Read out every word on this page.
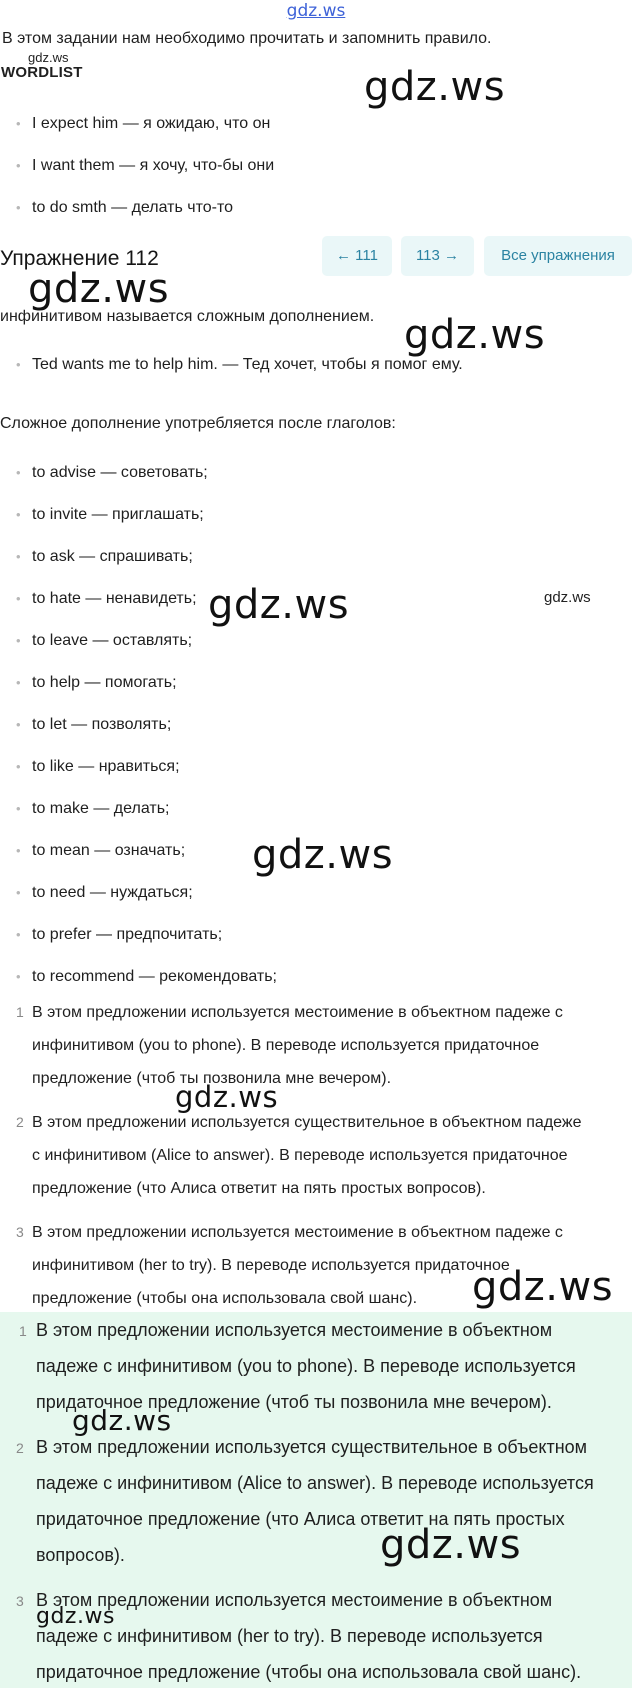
gdz.ws
В этом задании нам необходимо прочитать и запомнить правило.
gdz.ws
WORDLIST	gdz.ws
• I expect him — я ожидаю, что он
• I want them — я хочу, что-бы они
• to do smth — делать что-то
Упражнение 112	← 111	113 →	Все упражнения
gdz.ws
инфинитивом называется сложным дополнением. gdz.ws
• Ted wants me to help him. — Тед хочет, чтобы я помог ему.
Сложное дополнение употребляется после глаголов:
• to advise — советовать;
• to invite — приглашать;
• to ask — спрашивать;
• to hate — ненавидеть;
• to leave — оставлять;
• to help — помогать;
• to let — позволять;
• to like — нравиться;
• to make — делать;
• to mean — означать;
• to need — нуждаться;
• to prefer — предпочитать;
• to recommend — рекомендовать;
gdz.ws	gdz.ws
gdz.ws
1 В этом предложении используется местоимение в объектном падеже с
инфинитивом (you to phone). В переводе используется придаточное
предложение (чтоб ты позвонила мне вечером).
2 В этом предложении используется существительное в объектном падеже
с инфинитивом (Alice to answer). В переводе используется придаточное
предложение (что Алиса ответит на пять простых вопросов).
3 В этом предложении используется местоимение в объектном падеже с
инфинитивом (her to try). В переводе используется придаточное
предложение (чтобы она использовала свой шанс).
gdz.ws
gdz.ws
1 В этом предложении используется местоимение в объектном
падеже с инфинитивом (you to phone). В переводе используется
придаточное предложение (чтоб ты позвонила мне вечером).
2 В этом предложении используется существительное в объектном
падеже с инфинитивом (Alice to answer). В переводе используется
придаточное предложение (что Алиса ответит на пять простых
вопросов).
3 В этом предложении используется местоимение в объектном
падеже с инфинитивом (her to try). В переводе используется
придаточное предложение (чтобы она использовала свой шанс).
gdz.ws
gdz.ws
gdz.ws
